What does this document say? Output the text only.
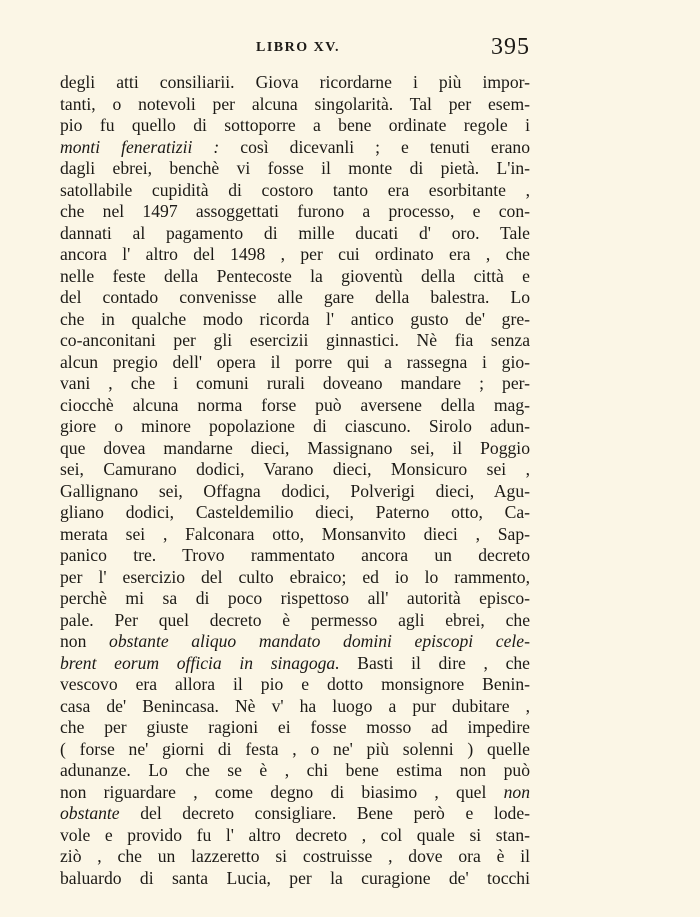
LIBRO XV.	395
degli atti consiliarii. Giova ricordarne i più impor-
tanti, o notevoli per alcuna singolarità. Tal per esem-
pio fu quello di sottoporre a bene ordinate regole i
monti feneratizii : così dicevanli ; e tenuti erano
dagli ebrei, benchè vi fosse il monte di pietà. L'in-
satollabile cupidità di costoro tanto era esorbitante ,
che nel 1497 assoggettati furono a processo, e con-
dannati al pagamento di mille ducati d' oro. Tale
ancora l' altro del 1498 , per cui ordinato era , che
nelle feste della Pentecoste la gioventù della città e
del contado convenisse alle gare della balestra. Lo
che in qualche modo ricorda l' antico gusto de' gre-
co-anconitani per gli esercizii ginnastici. Nè fia senza
alcun pregio dell' opera il porre qui a rassegna i gio-
vani , che i comuni rurali doveano mandare ; per-
ciocchè alcuna norma forse può aversene della mag-
giore o minore popolazione di ciascuno. Sirolo adun-
que dovea mandarne dieci, Massignano sei, il Poggio
sei, Camurano dodici, Varano dieci, Monsicuro sei ,
Gallignano sei, Offagna dodici, Polverigi dieci, Agu-
gliano dodici, Casteldemilio dieci, Paterno otto, Ca-
merata sei , Falconara otto, Monsanvito dieci , Sap-
panico tre. Trovo rammentato ancora un decreto
per l' esercizio del culto ebraico; ed io lo rammento,
perchè mi sa di poco rispettoso all' autorità episco-
pale. Per quel decreto è permesso agli ebrei, che
non obstante aliquo mandato domini episcopi cele-
brent eorum officia in sinagoga. Basti il dire , che
vescovo era allora il pio e dotto monsignore Benin-
casa de' Benincasa. Nè v' ha luogo a pur dubitare ,
che per giuste ragioni ei fosse mosso ad impedire
( forse ne' giorni di festa , o ne' più solenni ) quelle
adunanze. Lo che se è , chi bene estima non può
non riguardare , come degno di biasimo , quel non
obstante del decreto consigliare. Bene però e lode-
vole e provido fu l' altro decreto , col quale si stan-
ziò , che un lazzeretto si costruisse , dove ora è il
baluardo di santa Lucia, per la curagione de' tocchi
